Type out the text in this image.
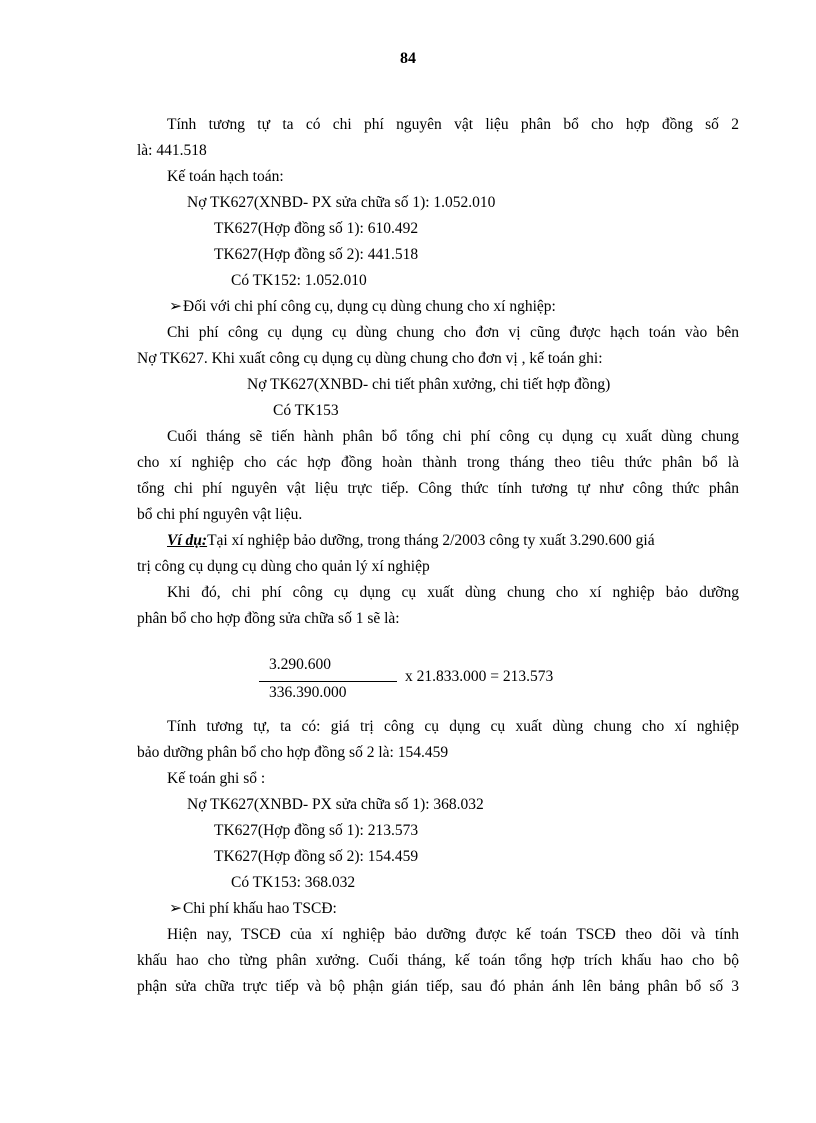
84
Tính tương tự ta có chi phí nguyên vật liệu phân bổ cho hợp đồng số 2
là: 441.518
Kế toán hạch toán:
Nợ TK627(XNBD- PX sửa chữa số 1): 1.052.010
TK627(Hợp đồng số 1): 610.492
TK627(Hợp đồng số 2): 441.518
Có TK152: 1.052.010
➢Đối với chi phí công cụ, dụng cụ dùng chung cho xí nghiệp:
Chi phí công cụ dụng cụ dùng chung cho đơn vị cũng được hạch toán vào bên
Nợ TK627. Khi xuất công cụ dụng cụ dùng chung cho đơn vị , kế toán ghi:
Nợ TK627(XNBD- chi tiết phân xưởng, chi tiết hợp đồng)
Có TK153
Cuối tháng sẽ tiến hành phân bổ tổng chi phí công cụ dụng cụ xuất dùng chung
cho xí nghiệp cho các hợp đồng hoàn thành trong tháng theo tiêu thức phân bổ là
tổng chi phí nguyên vật liệu trực tiếp. Công thức tính tương tự như công thức phân
bổ chi phí nguyên vật liệu.
Ví dụ:Tại xí nghiệp bảo dưỡng, trong tháng 2/2003 công ty xuất 3.290.600 giá
trị công cụ dụng cụ dùng cho quản lý xí nghiệp
Khi đó, chi phí công cụ dụng cụ xuất dùng chung cho xí nghiệp bảo dưỡng
phân bổ cho hợp đồng sửa chữa số 1 sẽ là:
3.290.600
336.390.000
x 21.833.000 = 213.573
Tính tương tự, ta có: giá trị công cụ dụng cụ xuất dùng chung cho xí nghiệp
bảo dưỡng phân bổ cho hợp đồng số 2 là: 154.459
Kế toán ghi sổ :
Nợ TK627(XNBD- PX sửa chữa số 1): 368.032
TK627(Hợp đồng số 1): 213.573
TK627(Hợp đồng số 2): 154.459
Có TK153: 368.032
➢Chi phí khấu hao TSCĐ:
Hiện nay, TSCĐ của xí nghiệp bảo dưỡng được kế toán TSCĐ theo dõi và tính
khấu hao cho từng phân xưởng. Cuối tháng, kế toán tổng hợp trích khấu hao cho bộ
phận sửa chữa trực tiếp và bộ phận gián tiếp, sau đó phản ánh lên bảng phân bổ số 3
